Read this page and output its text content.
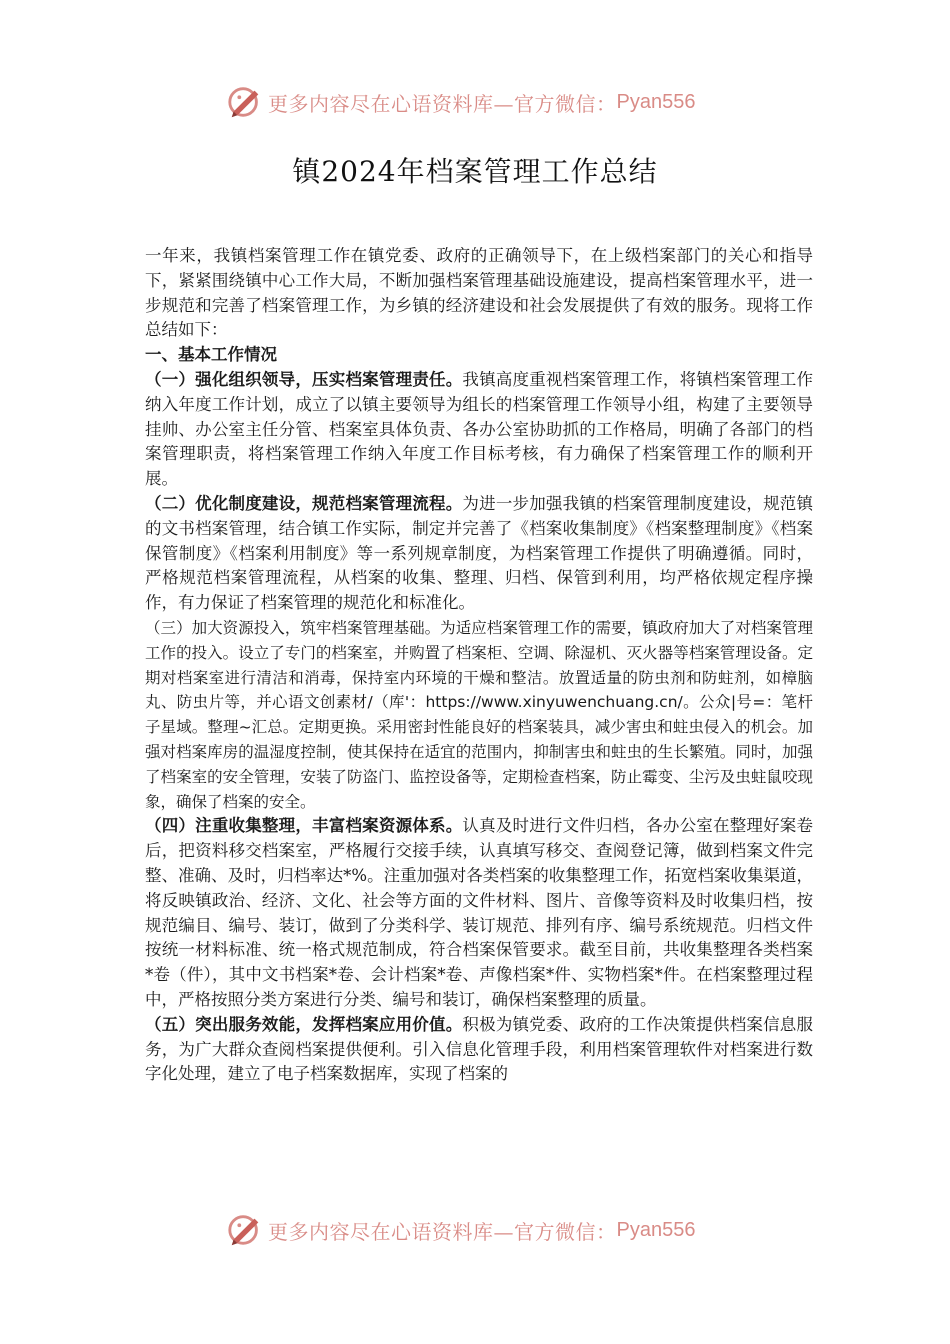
更多内容尽在心语资料库—官方微信： Pyan556
镇2024年档案管理工作总结

一年来，我镇档案管理工作在镇党委、政府的正确领导下，在上级档案部门的关心和指导下，紧紧围绕镇中心工作大局，不断加强档案管理基础设施建设，提高档案管理水平，进一步规范和完善了档案管理工作，为乡镇的经济建设和社会发展提供了有效的服务。现将工作总结如下：

一、基本工作情况

（一）强化组织领导，压实档案管理责任。我镇高度重视档案管理工作，将镇档案管理工作纳入年度工作计划，成立了以镇主要领导为组长的档案管理工作领导小组，构建了主要领导挂帅、办公室主任分管、档案室具体负责、各办公室协助抓的工作格局，明确了各部门的档案管理职责，将档案管理工作纳入年度工作目标考核，有力确保了档案管理工作的顺利开展。

（二）优化制度建设，规范档案管理流程。为进一步加强我镇的档案管理制度建设，规范镇的文书档案管理，结合镇工作实际，制定并完善了《档案收集制度》《档案整理制度》《档案保管制度》《档案利用制度》等一系列规章制度，为档案管理工作提供了明确遵循。同时，严格规范档案管理流程，从档案的收集、整理、归档、保管到利用，均严格依规定程序操作，有力保证了档案管理的规范化和标准化。

（三）加大资源投入，筑牢档案管理基础。为适应档案管理工作的需要，镇政府加大了对档案管理工作的投入。设立了专门的档案室，并购置了档案柜、空调、除湿机、灭火器等档案管理设备。定期对档案室进行清洁和消毒，保持室内环境的干燥和整洁。放置适量的防虫剂和防蛀剂，如樟脑丸、防虫片等，并心语文创素材/（库'：https://www.xinyuwenchuang.cn/。公众|号=：笔杆子星域。整理~汇总。定期更换。采用密封性能良好的档案装具，减少害虫和蛀虫侵入的机会。加强对档案库房的温湿度控制，使其保持在适宜的范围内，抑制害虫和蛀虫的生长繁殖。同时，加强了档案室的安全管理，安装了防盗门、监控设备等，定期检查档案，防止霉变、尘污及虫蛀鼠咬现象，确保了档案的安全。

（四）注重收集整理，丰富档案资源体系。认真及时进行文件归档，各办公室在整理好案卷后，把资料移交档案室，严格履行交接手续，认真填写移交、查阅登记簿，做到档案文件完整、准确、及时，归档率达*%。注重加强对各类档案的收集整理工作，拓宽档案收集渠道，将反映镇政治、经济、文化、社会等方面的文件材料、图片、音像等资料及时收集归档，按规范编目、编号、装订，做到了分类科学、装订规范、排列有序、编号系统规范。归档文件按统一材料标准、统一格式规范制成，符合档案保管要求。截至目前，共收集整理各类档案*卷（件），其中文书档案*卷、会计档案*卷、声像档案*件、实物档案*件。在档案整理过程中，严格按照分类方案进行分类、编号和装订，确保档案整理的质量。

（五）突出服务效能，发挥档案应用价值。积极为镇党委、政府的工作决策提供档案信息服务，为广大群众查阅档案提供便利。引入信息化管理手段，利用档案管理软件对档案进行数字化处理，建立了电子档案数据库，实现了档案的

更多内容尽在心语资料库—官方微信： Pyan556
